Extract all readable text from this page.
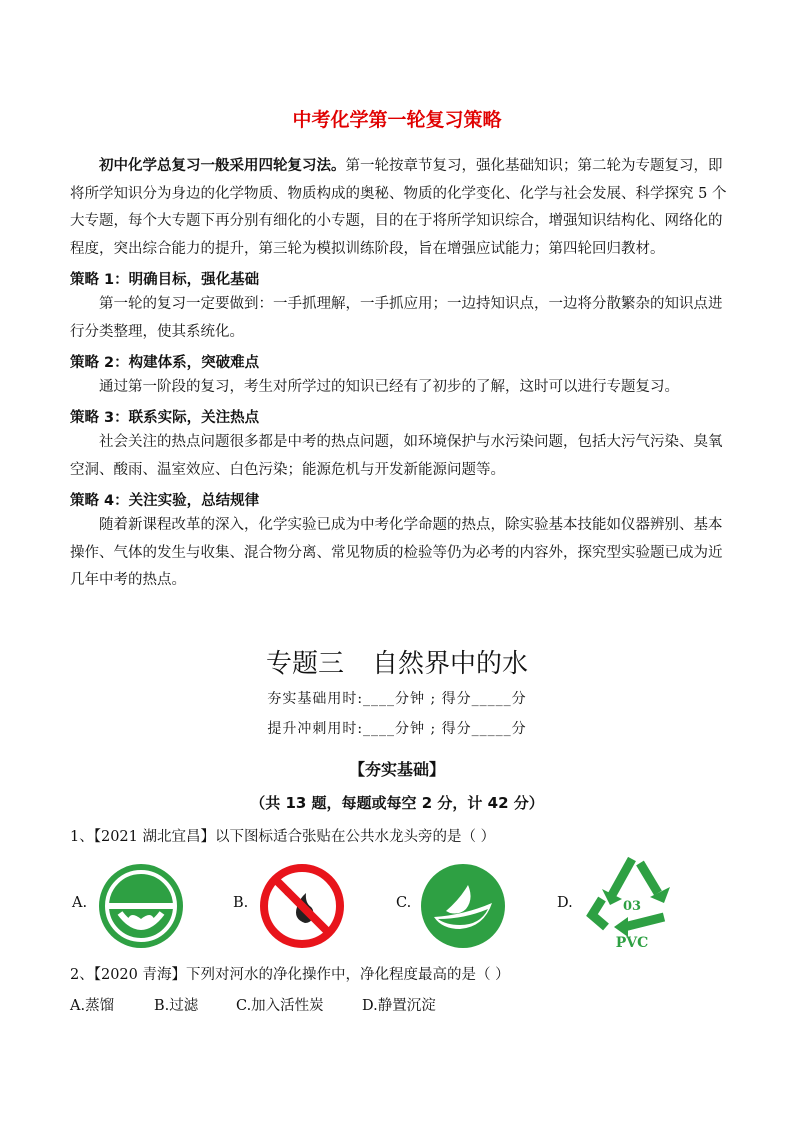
中考化学第一轮复习策略

初中化学总复习一般采用四轮复习法。第一轮按章节复习，强化基础知识；第二轮为专题复习，即将所学知识分为身边的化学物质、物质构成的奥秘、物质的化学变化、化学与社会发展、科学探究 5 个大专题，每个大专题下再分别有细化的小专题，目的在于将所学知识综合，增强知识结构化、网络化的程度，突出综合能力的提升，第三轮为模拟训练阶段，旨在增强应试能力；第四轮回归教材。

策略 1：明确目标，强化基础

第一轮的复习一定要做到：一手抓理解，一手抓应用；一边持知识点，一边将分散繁杂的知识点进行分类整理，使其系统化。

策略 2：构建体系，突破难点

通过第一阶段的复习，考生对所学过的知识已经有了初步的了解，这时可以进行专题复习。

策略 3：联系实际，关注热点

社会关注的热点问题很多都是中考的热点问题，如环境保护与水污染问题，包括大污气污染、臭氧空洞、酸雨、温室效应、白色污染；能源危机与开发新能源问题等。

策略 4：关注实验，总结规律

随着新课程改革的深入，化学实验已成为中考化学命题的热点，除实验基本技能如仪器辨别、基本操作、气体的发生与收集、混合物分离、常见物质的检验等仍为必考的内容外，探究型实验题已成为近几年中考的热点。

专题三 自然界中的水
夯实基础用时:____分钟 ; 得分_____分
提升冲刺用时:____分钟 ; 得分_____分
【夯实基础】
（共 13 题，每题或每空 2 分，计 42 分）
1、【2021 湖北宜昌】以下图标适合张贴在公共水龙头旁的是（ ）
A.	B.	C.	D.	03
PVC
2、【2020 青海】下列对河水的净化操作中，净化程度最高的是（ ）
A.蒸馏	B.过滤	C.加入活性炭	D.静置沉淀
